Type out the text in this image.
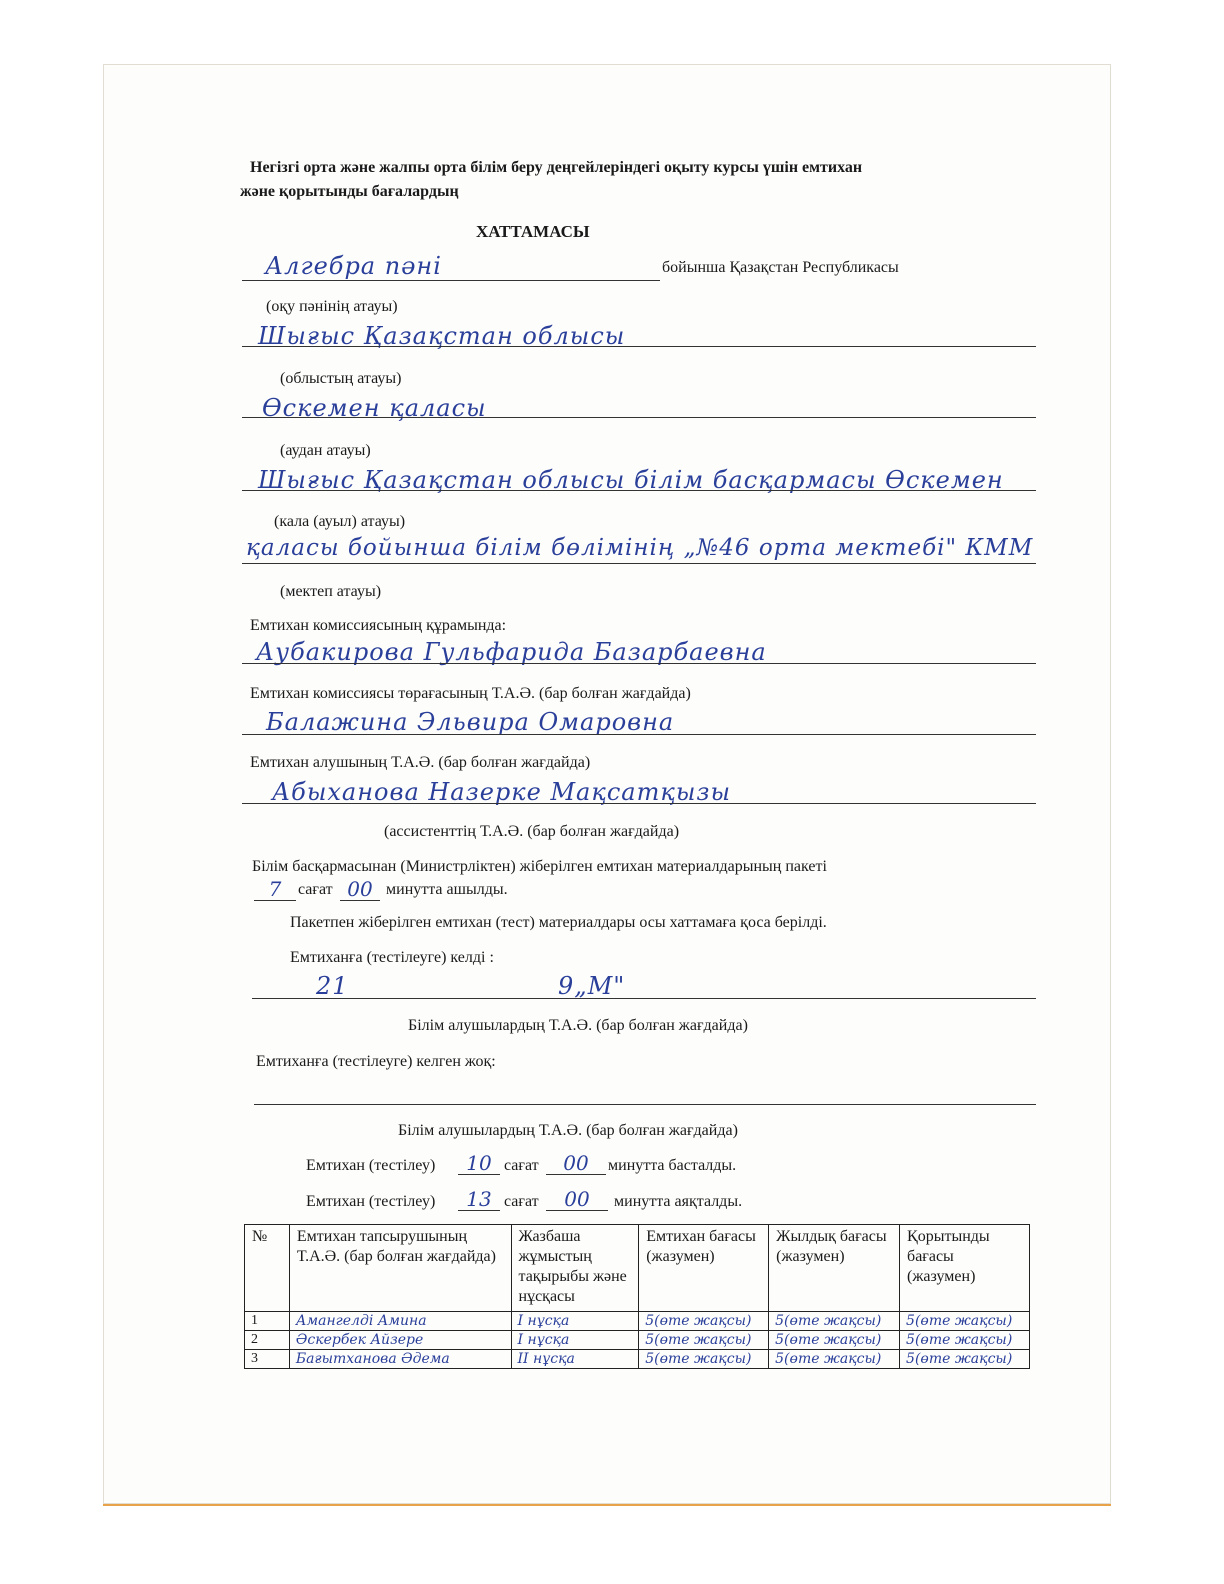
Негізгі орта және жалпы орта білім беру деңгейлеріндегі оқыту курсы үшін емтихан
және қорытынды бағалардың
ХАТТАМАСЫ
Алгебра пәні	бойынша Қазақстан Республикасы
(оқу пәнінің атауы)
Шығыс Қазақстан облысы
(облыстың атауы)
Өскемен қаласы
(аудан атауы)
Шығыс Қазақстан облысы білім басқармасы Өскемен
(кала (ауыл) атауы)
қаласы бойынша білім бөлімінің „№46 орта мектебі" КММ
(мектеп атауы)
Емтихан комиссиясының құрамында:
Аубакирова Гульфарида Базарбаевна
Емтихан комиссиясы төрағасының Т.А.Ә. (бар болған жағдайда)
Балажина Эльвира Омаровна
Емтихан алушының Т.А.Ә. (бар болған жағдайда)
Абыханова Назерке Мақсатқызы
(ассистенттің Т.А.Ә. (бар болған жағдайда)
Білім басқармасынан (Министрліктен) жіберілген емтихан материалдарының пакеті
7	сағат 00 минутта ашылды.
Пакетпен жіберілген емтихан (тест) материалдары осы хаттамаға қоса берілді.
Емтиханға (тестілеуге) келді :
21	9„М"
Білім алушылардың Т.А.Ә. (бар болған жағдайда)
Емтиханға (тестілеуге) келген жоқ:
Білім алушылардың Т.А.Ә. (бар болған жағдайда)
Емтихан (тестілеу)	10 сағат	00	минутта басталды.
Емтихан (тестілеу)	13 сағат	00	минутта аяқталды.
№	Емтихан тапсырушының Т.А.Ә. (бар болған жағдайда)	Жазбаша жұмыстың тақырыбы және нұсқасы	Емтихан бағасы (жазумен)	Жылдық бағасы (жазумен)	Қорытынды бағасы (жазумен)
1	Амангелді Амина	I нұсқа	5(өте жақсы)	5(өте жақсы)	5(өте жақсы)
2	Әскербек Айзере	I нұсқа	5(өте жақсы)	5(өте жақсы)	5(өте жақсы)
3	Бағытханова Әдема	II нұсқа	5(өте жақсы)	5(өте жақсы)	5(өте жақсы)
